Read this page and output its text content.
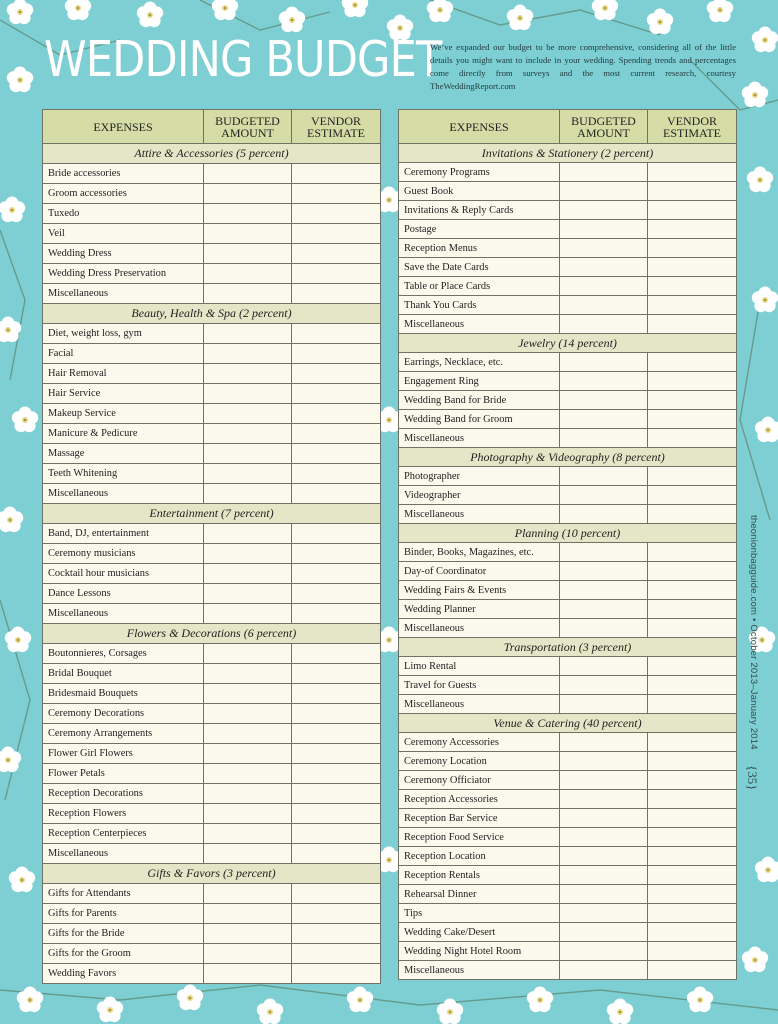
WEDDING BUDGET
We’ve expanded our budget to be more comprehensive, considering all of the little details you might want to include in your wedding. Spending trends and percentages come directly from surveys and the most current research, courtesy TheWeddingReport.com
EXPENSES	BUDGETED AMOUNT	VENDOR ESTIMATE
Attire & Accessories (5 percent)		
Bride accessories		
Groom accessories		
Tuxedo		
Veil		
Wedding Dress		
Wedding Dress Preservation		
Miscellaneous		
Beauty, Health & Spa (2 percent)		
Diet, weight loss, gym		
Facial		
Hair Removal		
Hair Service		
Makeup Service		
Manicure & Pedicure		
Massage		
Teeth Whitening		
Miscellaneous		
Entertainment (7 percent)		
Band, DJ, entertainment		
Ceremony musicians		
Cocktail hour musicians		
Dance Lessons		
Miscellaneous		
Flowers & Decorations (6 percent)		
Boutonnieres, Corsages		
Bridal Bouquet		
Bridesmaid Bouquets		
Ceremony Decorations		
Ceremony Arrangements		
Flower Girl Flowers		
Flower Petals		
Reception Decorations		
Reception Flowers		
Reception Centerpieces		
Miscellaneous		
Gifts & Favors (3 percent)		
Gifts for Attendants		
Gifts for Parents		
Gifts for the Bride		
Gifts for the Groom		
Wedding Favors		
EXPENSES	BUDGETED AMOUNT	VENDOR ESTIMATE
Invitations & Stationery (2 percent)		
Ceremony Programs		
Guest Book		
Invitations & Reply Cards		
Postage		
Reception Menus		
Save the Date Cards		
Table or Place Cards		
Thank You Cards		
Miscellaneous		
Jewelry (14 percent)		
Earrings, Necklace, etc.		
Engagement Ring		
Wedding Band for Bride		
Wedding Band for Groom		
Miscellaneous		
Photography & Videography (8 percent)		
Photographer		
Videographer		
Miscellaneous		
Planning (10 percent)		
Binder, Books, Magazines, etc.		
Day-of Coordinator		
Wedding Fairs & Events		
Wedding Planner		
Miscellaneous		
Transportation (3 percent)		
Limo Rental		
Travel for Guests		
Miscellaneous		
Venue & Catering (40 percent)		
Ceremony Accessories		
Ceremony Location		
Ceremony Officiator		
Reception Accessories		
Reception Bar Service		
Reception Food Service		
Reception Location		
Reception Rentals		
Rehearsal Dinner		
Tips		
Wedding Cake/Desert		
Wedding Night Hotel Room		
Miscellaneous		
theonionbagguide.com • October 2013–January 2014
{35}
